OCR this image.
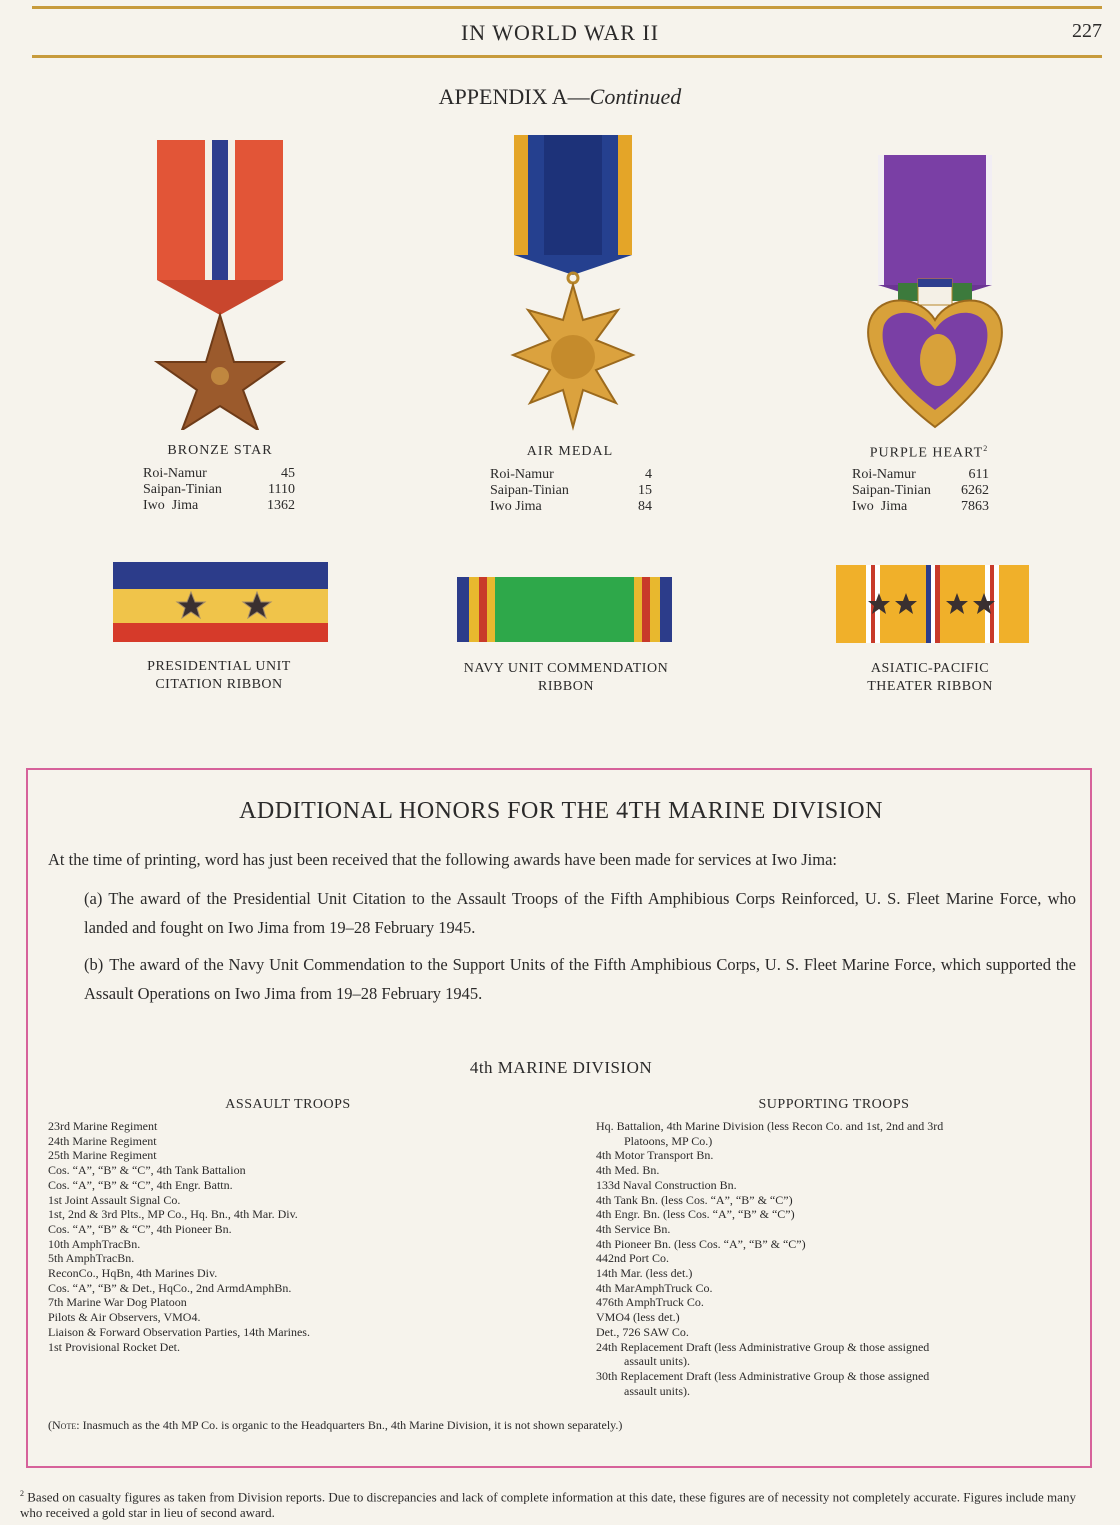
IN WORLD WAR II	227
APPENDIX A—Continued
BRONZE STAR
Roi-Namur	45
Saipan-Tinian	1110
Iwo  Jima	1362
AIR MEDAL
Roi-Namur	4
Saipan-Tinian	15
Iwo Jima	84
PURPLE HEART$^2$
Roi-Namur	611
Saipan-Tinian 6262
Iwo  Jima	7863
PRESIDENTIAL UNIT
CITATION RIBBON
NAVY UNIT COMMENDATION
RIBBON
ASIATIC-PACIFIC
THEATER RIBBON
ADDITIONAL HONORS FOR THE 4TH MARINE DIVISION
At the time of printing, word has just been received that the following awards have been made for services at Iwo Jima:
(a) The award of the Presidential Unit Citation to the Assault Troops of the Fifth Amphibious Corps Reinforced, U. S. Fleet Marine Force, who landed and fought on Iwo Jima from 19–28 February 1945.
(b) The award of the Navy Unit Commendation to the Support Units of the Fifth Amphibious Corps, U. S. Fleet Marine Force, which supported the Assault Operations on Iwo Jima from 19–28 February 1945.
4th MARINE DIVISION
ASSAULT TROOPS	SUPPORTING TROOPS
23rd Marine Regiment
24th Marine Regiment
25th Marine Regiment
Cos. “A”, “B” & “C”, 4th Tank Battalion
Cos. “A”, “B” & “C”, 4th Engr. Battn.
1st Joint Assault Signal Co.
1st, 2nd & 3rd Plts., MP Co., Hq. Bn., 4th Mar. Div.
Cos. “A”, “B” & “C”, 4th Pioneer Bn.
10th AmphTracBn.
5th AmphTracBn.
ReconCo., HqBn, 4th Marines Div.
Cos. “A”, “B” & Det., HqCo., 2nd ArmdAmphBn.
7th Marine War Dog Platoon
Pilots & Air Observers, VMO4.
Liaison & Forward Observation Parties, 14th Marines.
1st Provisional Rocket Det.
Hq. Battalion, 4th Marine Division (less Recon Co. and 1st, 2nd and 3rd
Platoons, MP Co.)
4th Motor Transport Bn.
4th Med. Bn.
133d Naval Construction Bn.
4th Tank Bn. (less Cos. “A”, “B” & “C”)
4th Engr. Bn. (less Cos. “A”, “B” & “C”)
4th Service Bn.
4th Pioneer Bn. (less Cos. “A”, “B” & “C”)
442nd Port Co.
14th Mar. (less det.)
4th MarAmphTruck Co.
476th AmphTruck Co.
VMO4 (less det.)
Det., 726 SAW Co.
24th Replacement Draft (less Administrative Group & those assigned
assault units).
30th Replacement Draft (less Administrative Group & those assigned
assault units).
(Note: Inasmuch as the 4th MP Co. is organic to the Headquarters Bn., 4th Marine Division, it is not shown separately.)
$^2$ Based on casualty figures as taken from Division reports. Due to discrepancies and lack of complete information at this date, these figures are of necessity not completely accurate. Figures include many who received a gold star in lieu of second award.
